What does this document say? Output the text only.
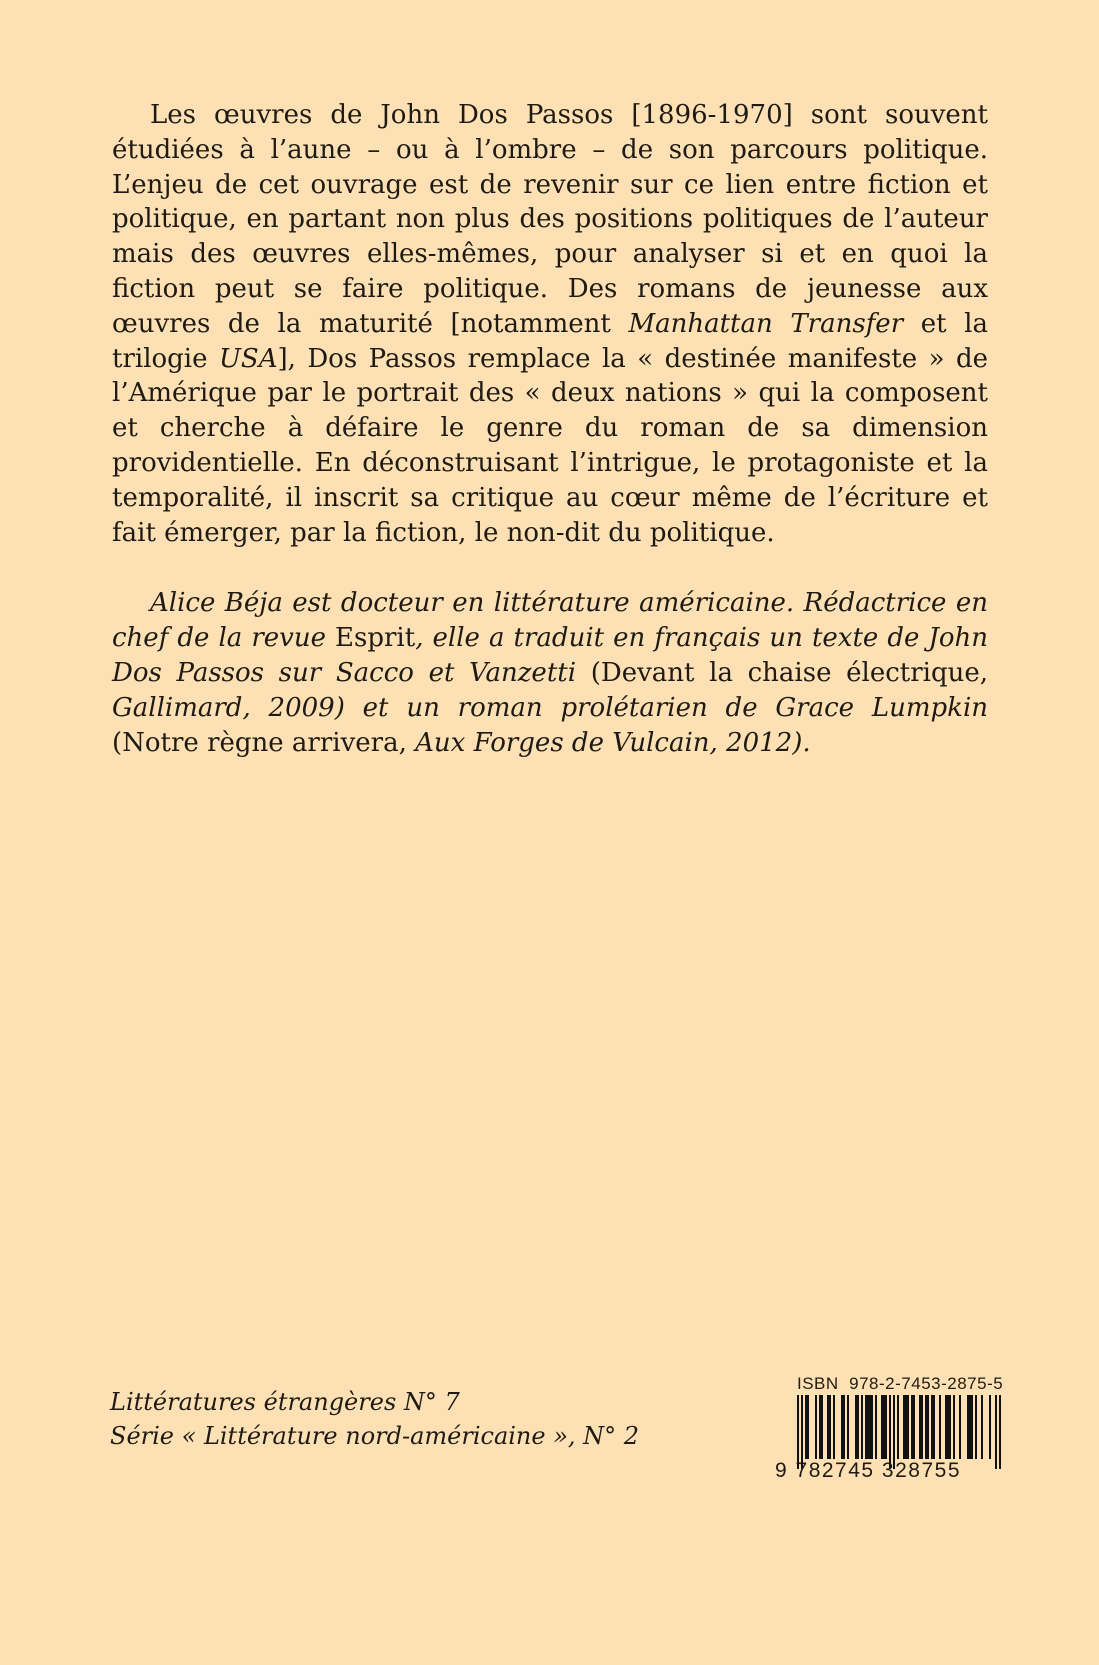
Les œuvres de John Dos Passos [1896-1970] sont souvent étudiées à l’aune – ou à l’ombre – de son parcours politique. L’enjeu de cet ouvrage est de revenir sur ce lien entre fiction et politique, en partant non plus des positions politiques de l’auteur mais des œuvres elles-mêmes, pour analyser si et en quoi la fiction peut se faire politique. Des romans de jeunesse aux œuvres de la maturité [notamment Manhattan Transfer et la trilogie USA], Dos Passos remplace la « destinée manifeste » de l’Amérique par le portrait des « deux nations » qui la composent et cherche à défaire le genre du roman de sa dimension providentielle. En déconstruisant l’intrigue, le protagoniste et la temporalité, il inscrit sa critique au cœur même de l’écriture et fait émerger, par la fiction, le non-dit du politique.

Alice Béja est docteur en littérature américaine. Rédactrice en chef de la revue Esprit, elle a traduit en français un texte de John Dos Passos sur Sacco et Vanzetti (Devant la chaise électrique, Gallimard, 2009) et un roman prolétarien de Grace Lumpkin (Notre règne arrivera, Aux Forges de Vulcain, 2012).

Littératures étrangères N° 7
Série « Littérature nord-américaine », N° 2
ISBN 978-2-7453-2875-5
9 782745 328755
